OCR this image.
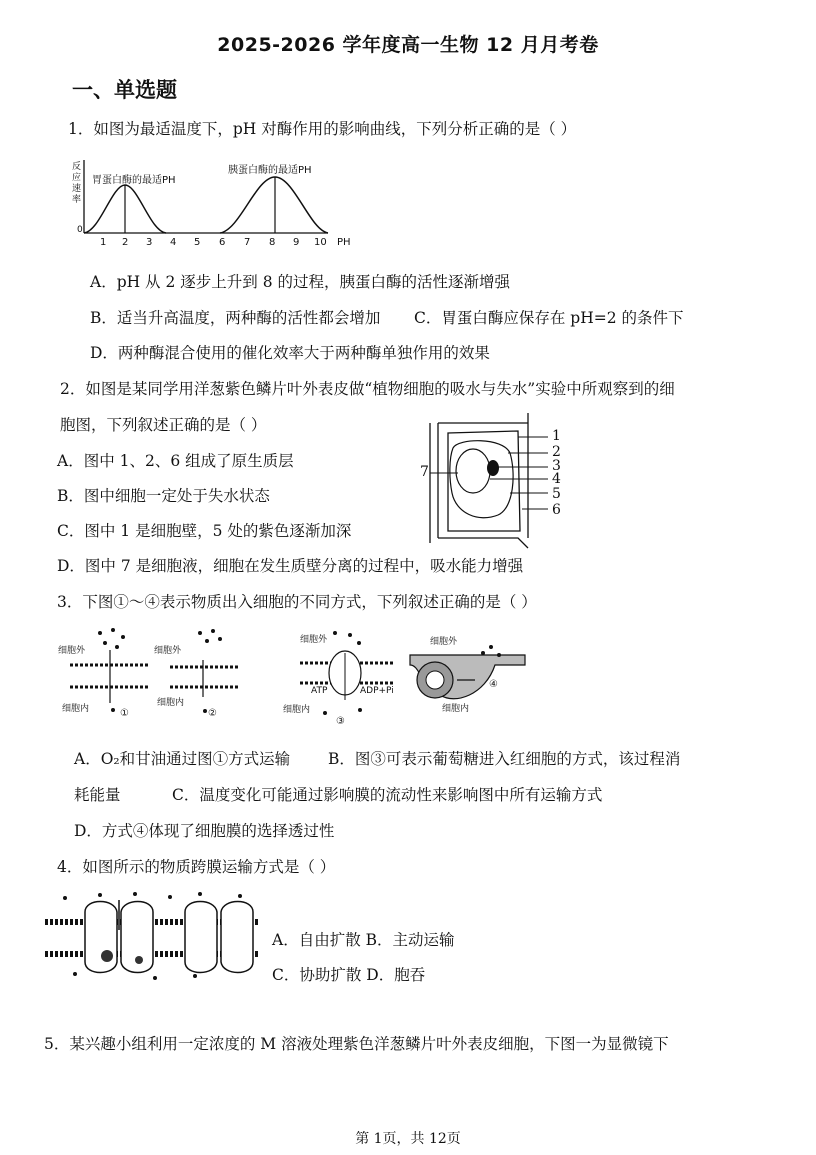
2025-2026 学年度高一生物 12 月月考卷
一、单选题
1．如图为最适温度下，pH 对酶作用的影响曲线，下列分析正确的是（ ）
反
应
速
率
0
胃蛋白酶的最适PH
胰蛋白酶的最适PH
1 2 3 4 5 6 7 8 9 10 PH
A．pH 从 2 逐步上升到 8 的过程，胰蛋白酶的活性逐渐增强
B．适当升高温度，两种酶的活性都会增加 C．胃蛋白酶应保存在 pH=2 的条件下
D．两种酶混合使用的催化效率大于两种酶单独作用的效果
2．如图是某同学用洋葱紫色鳞片叶外表皮做“植物细胞的吸水与失水”实验中所观察到的细
胞图，下列叙述正确的是（ ）
A．图中 1、2、6 组成了原生质层
B．图中细胞一定处于失水状态
C．图中 1 是细胞壁，5 处的紫色逐渐加深
D．图中 7 是细胞液，细胞在发生质壁分离的过程中，吸水能力增强
1
2
3
4
5
6
7
3．下图①～④表示物质出入细胞的不同方式，下列叙述正确的是（ ）
细胞外
细胞内	①
细胞外
细胞内
②
细胞外
ATP	ADP+Pi
细胞内
③
细胞外
细胞内
④
A．O₂和甘油通过图①方式运输 B．图③可表示葡萄糖进入红细胞的方式，该过程消
耗能量	C．温度变化可能通过影响膜的流动性来影响图中所有运输方式
D．方式④体现了细胞膜的选择透过性
4．如图所示的物质跨膜运输方式是（ ）
A．自由扩散 B．主动运输
C．协助扩散 D．胞吞
5．某兴趣小组利用一定浓度的 M 溶液处理紫色洋葱鳞片叶外表皮细胞，下图一为显微镜下
第 1页，共 12页
